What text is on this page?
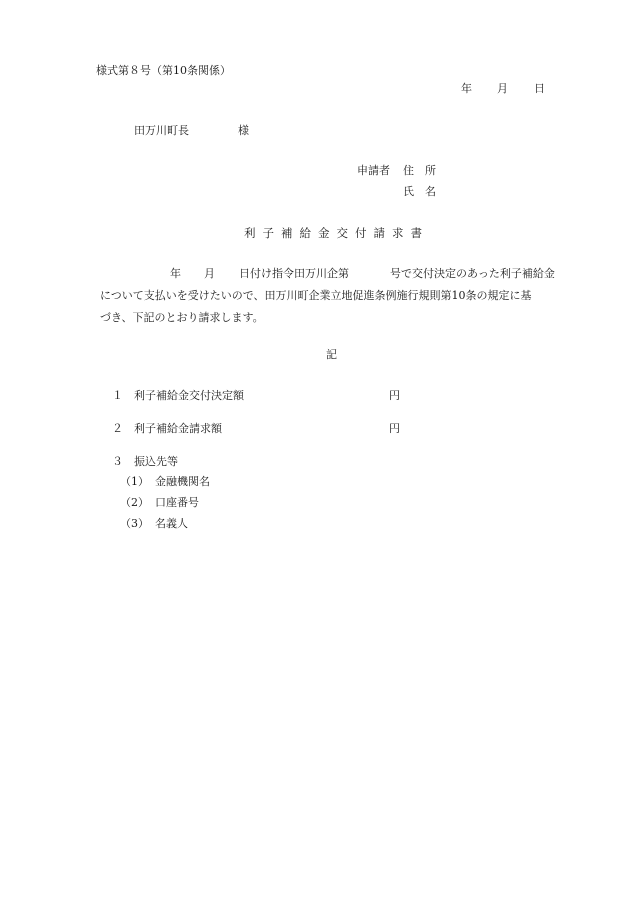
様式第８号（第10条関係）
年 月 日
田万川町長	様
申請者 住　所
氏　名
利子補給金交付請求書
年 月 日付け指令田万川企第	号で交付決定のあった利子補給金
について支払いを受けたいので、田万川町企業立地促進条例施行規則第10条の規定に基
づき、下記のとおり請求します。
記
１ 利子補給金交付決定額	円
２ 利子補給金請求額	円
３ 振込先等
（1） 金融機関名
（2） 口座番号
（3） 名義人
